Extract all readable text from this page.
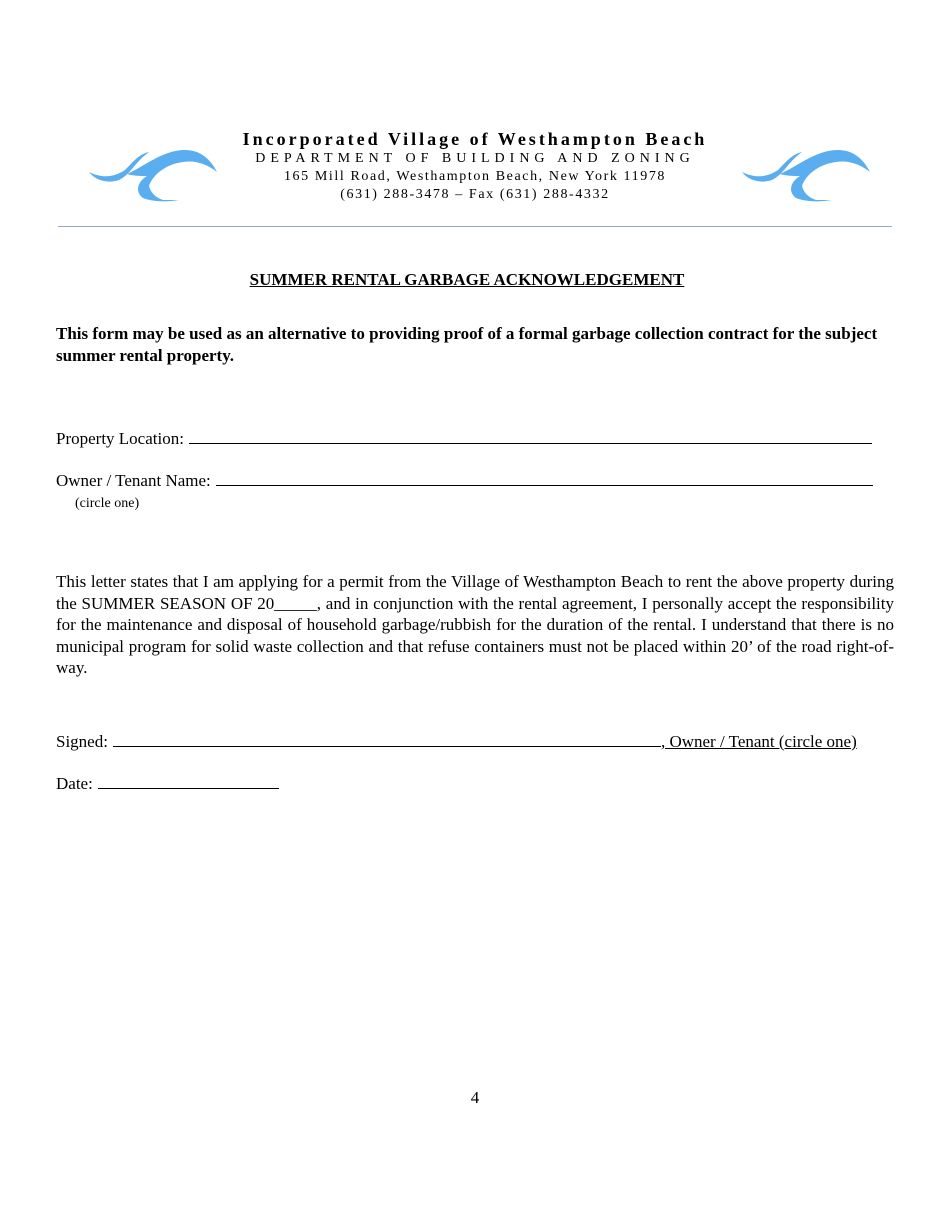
Incorporated Village of Westhampton Beach
DEPARTMENT OF BUILDING AND ZONING
165 Mill Road, Westhampton Beach, New York 11978
(631) 288-3478 – Fax (631) 288-4332
SUMMER RENTAL GARBAGE ACKNOWLEDGEMENT
This form may be used as an alternative to providing proof of a formal garbage collection contract for the subject summer rental property.
Property Location:
Owner / Tenant Name:
(circle one)
This letter states that I am applying for a permit from the Village of Westhampton Beach to rent the above property during the SUMMER SEASON OF 20_____, and in conjunction with the rental agreement, I personally accept the responsibility for the maintenance and disposal of household garbage/rubbish for the duration of the rental. I understand that there is no municipal program for solid waste collection and that refuse containers must not be placed within 20’ of the road right-of-way.
Signed:	, Owner / Tenant (circle one)
Date:
4
